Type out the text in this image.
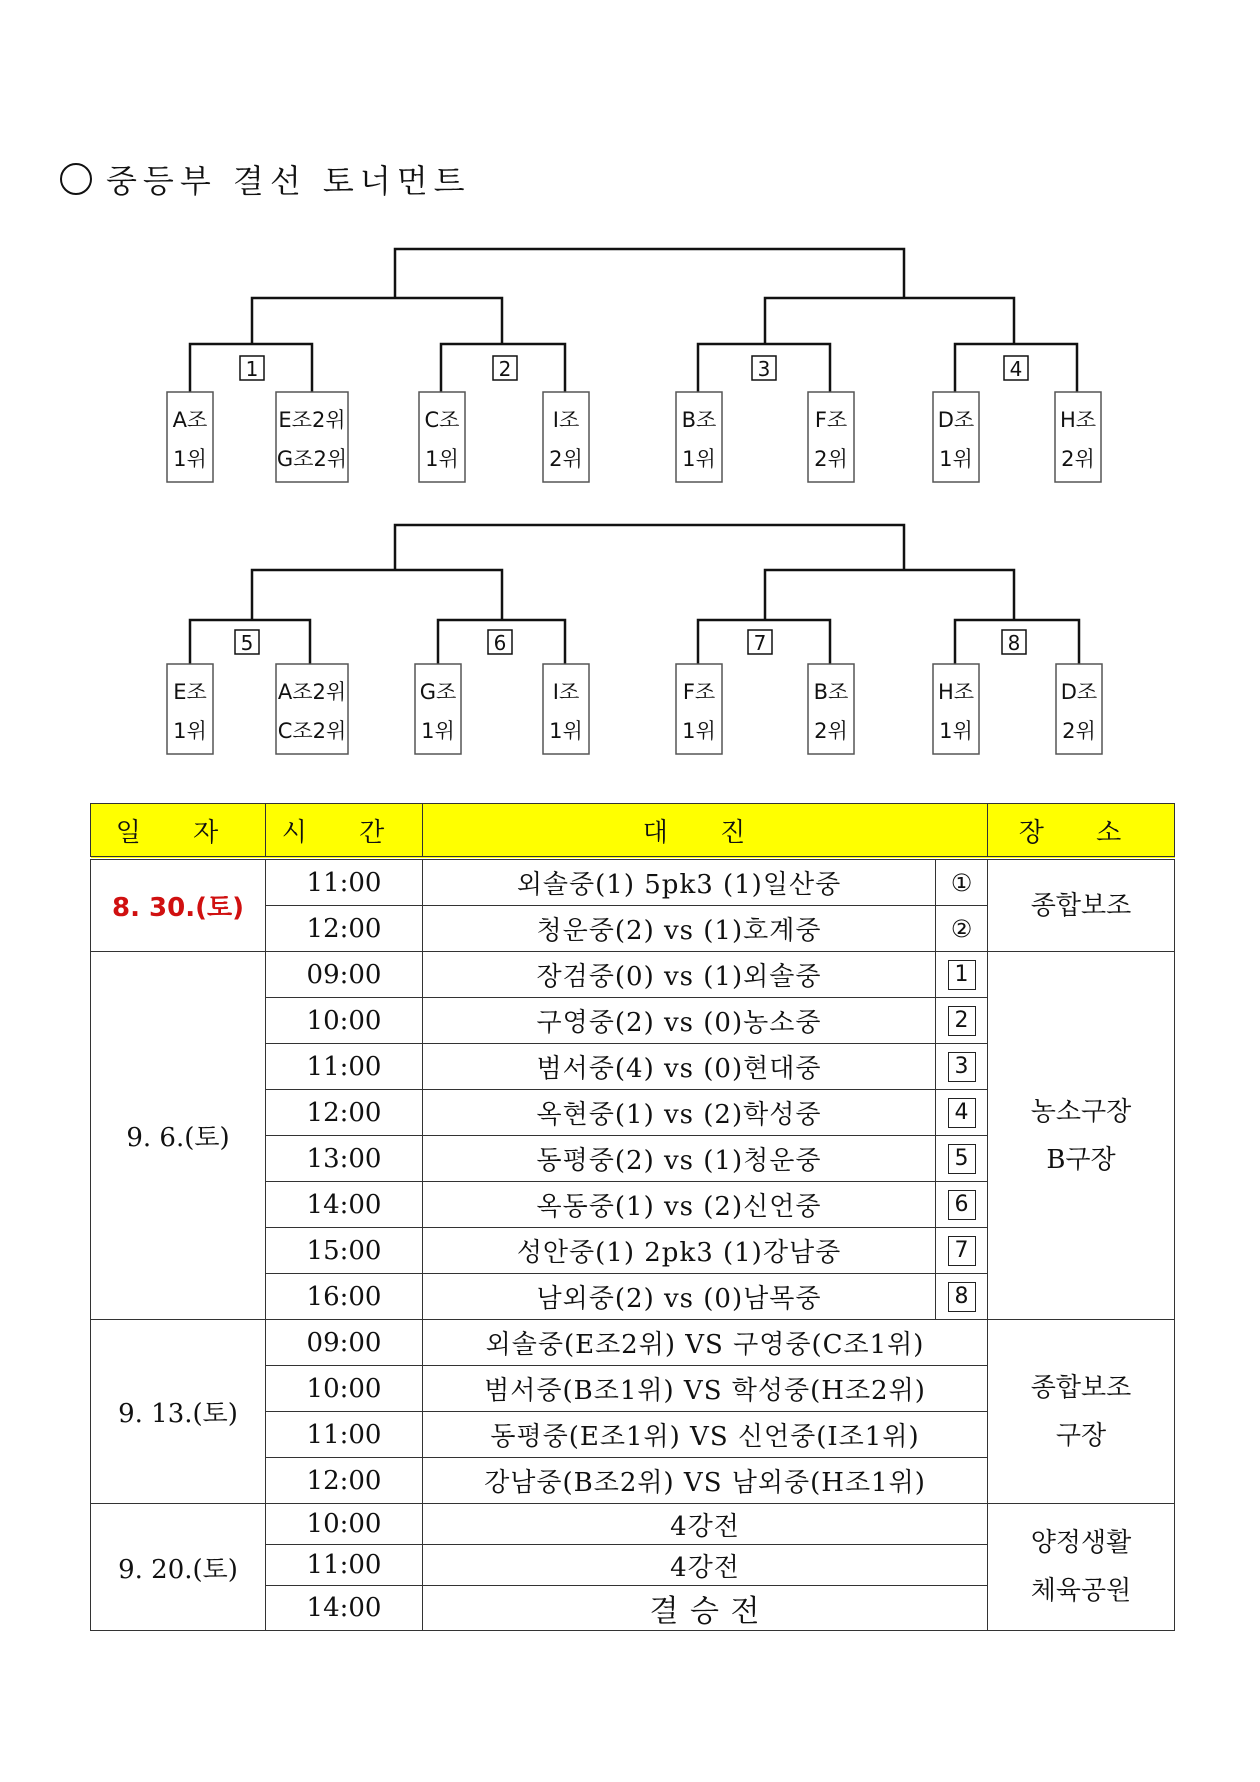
중등부 결선 토너먼트
1	2	3	4
A조
1위
E조2위
G조2위
C조
1위
I조
2위
B조
1위
F조
2위
D조
1위
H조
2위
5	6	7	8
E조
1위
A조2위
C조2위
G조
1위
I조
1위
F조
1위
B조
2위
H조
1위
D조
2위
일 자	시 간	대 진		장 소
8. 30.(토)	11:00	외솔중(1) 5pk3 (1)일산중	①	종합보조

	12:00	청운중(2) vs (1)호계중	②	
9. 6.(토)	09:00	장검중(0) vs (1)외솔중	1	농소구장
B구장

	10:00	구영중(2) vs (0)농소중	2	
	11:00	범서중(4) vs (0)현대중	3	
	12:00	옥현중(1) vs (2)학성중	4	
	13:00	동평중(2) vs (1)청운중	5	
	14:00	옥동중(1) vs (2)신언중	6	
	15:00	성안중(1) 2pk3 (1)강남중	7	
	16:00	남외중(2) vs (0)남목중	8	
9. 13.(토)	09:00	외솔중(E조2위) VS 구영중(C조1위)		종합보조
구장

	10:00	범서중(B조1위) VS 학성중(H조2위)		
	11:00	동평중(E조1위) VS 신언중(I조1위)		
	12:00	강남중(B조2위) VS 남외중(H조1위)		
9. 20.(토)	10:00	4강전		양정생활
체육공원

	11:00	4강전		
	14:00	결 승 전		
